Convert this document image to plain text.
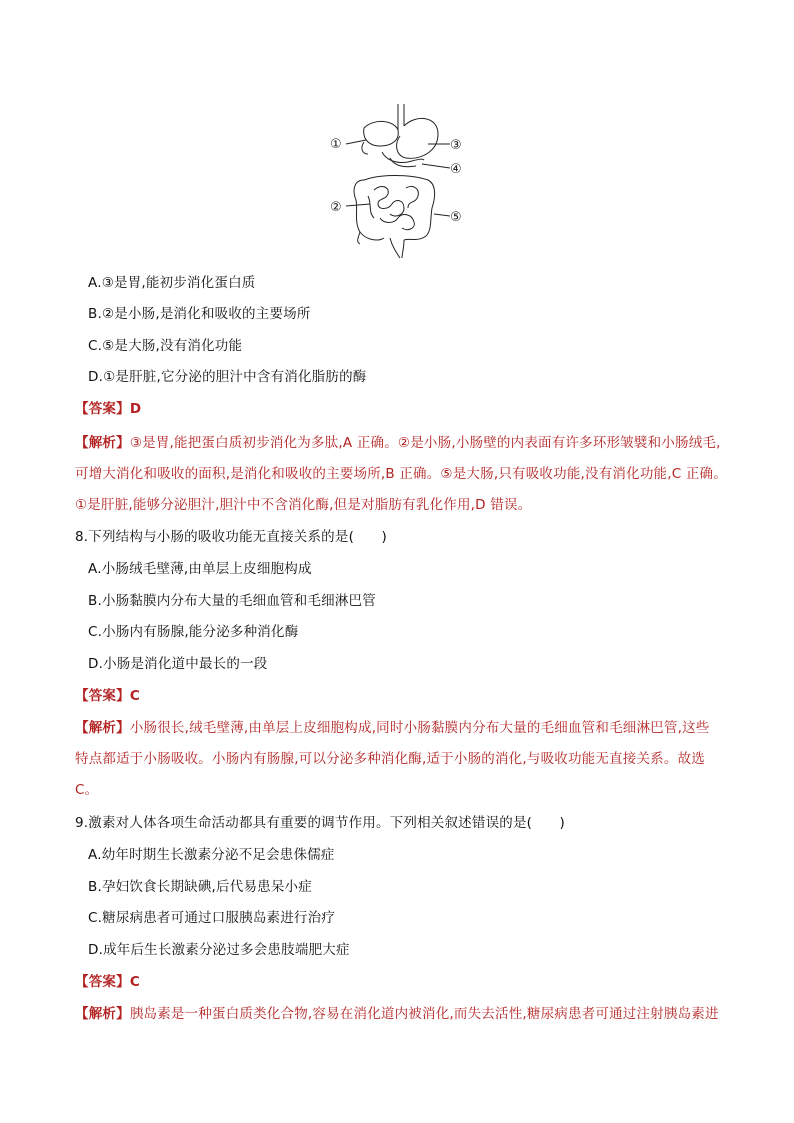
①
②
③
④
⑤
A.③是胃,能初步消化蛋白质
B.②是小肠,是消化和吸收的主要场所
C.⑤是大肠,没有消化功能
D.①是肝脏,它分泌的胆汁中含有消化脂肪的酶
【答案】D
【解析】③是胃,能把蛋白质初步消化为多肽,A 正确。②是小肠,小肠壁的内表面有许多环形皱襞和小肠绒毛,
可增大消化和吸收的面积,是消化和吸收的主要场所,B 正确。⑤是大肠,只有吸收功能,没有消化功能,C 正确。
①是肝脏,能够分泌胆汁,胆汁中不含消化酶,但是对脂肪有乳化作用,D 错误。
8.下列结构与小肠的吸收功能无直接关系的是(　　)
A.小肠绒毛壁薄,由单层上皮细胞构成
B.小肠黏膜内分布大量的毛细血管和毛细淋巴管
C.小肠内有肠腺,能分泌多种消化酶
D.小肠是消化道中最长的一段
【答案】C
【解析】小肠很长,绒毛壁薄,由单层上皮细胞构成,同时小肠黏膜内分布大量的毛细血管和毛细淋巴管,这些
特点都适于小肠吸收。小肠内有肠腺,可以分泌多种消化酶,适于小肠的消化,与吸收功能无直接关系。故选
C。
9.激素对人体各项生命活动都具有重要的调节作用。下列相关叙述错误的是(　　)
A.幼年时期生长激素分泌不足会患侏儒症
B.孕妇饮食长期缺碘,后代易患呆小症
C.糖尿病患者可通过口服胰岛素进行治疗
D.成年后生长激素分泌过多会患肢端肥大症
【答案】C
【解析】胰岛素是一种蛋白质类化合物,容易在消化道内被消化,而失去活性,糖尿病患者可通过注射胰岛素进
